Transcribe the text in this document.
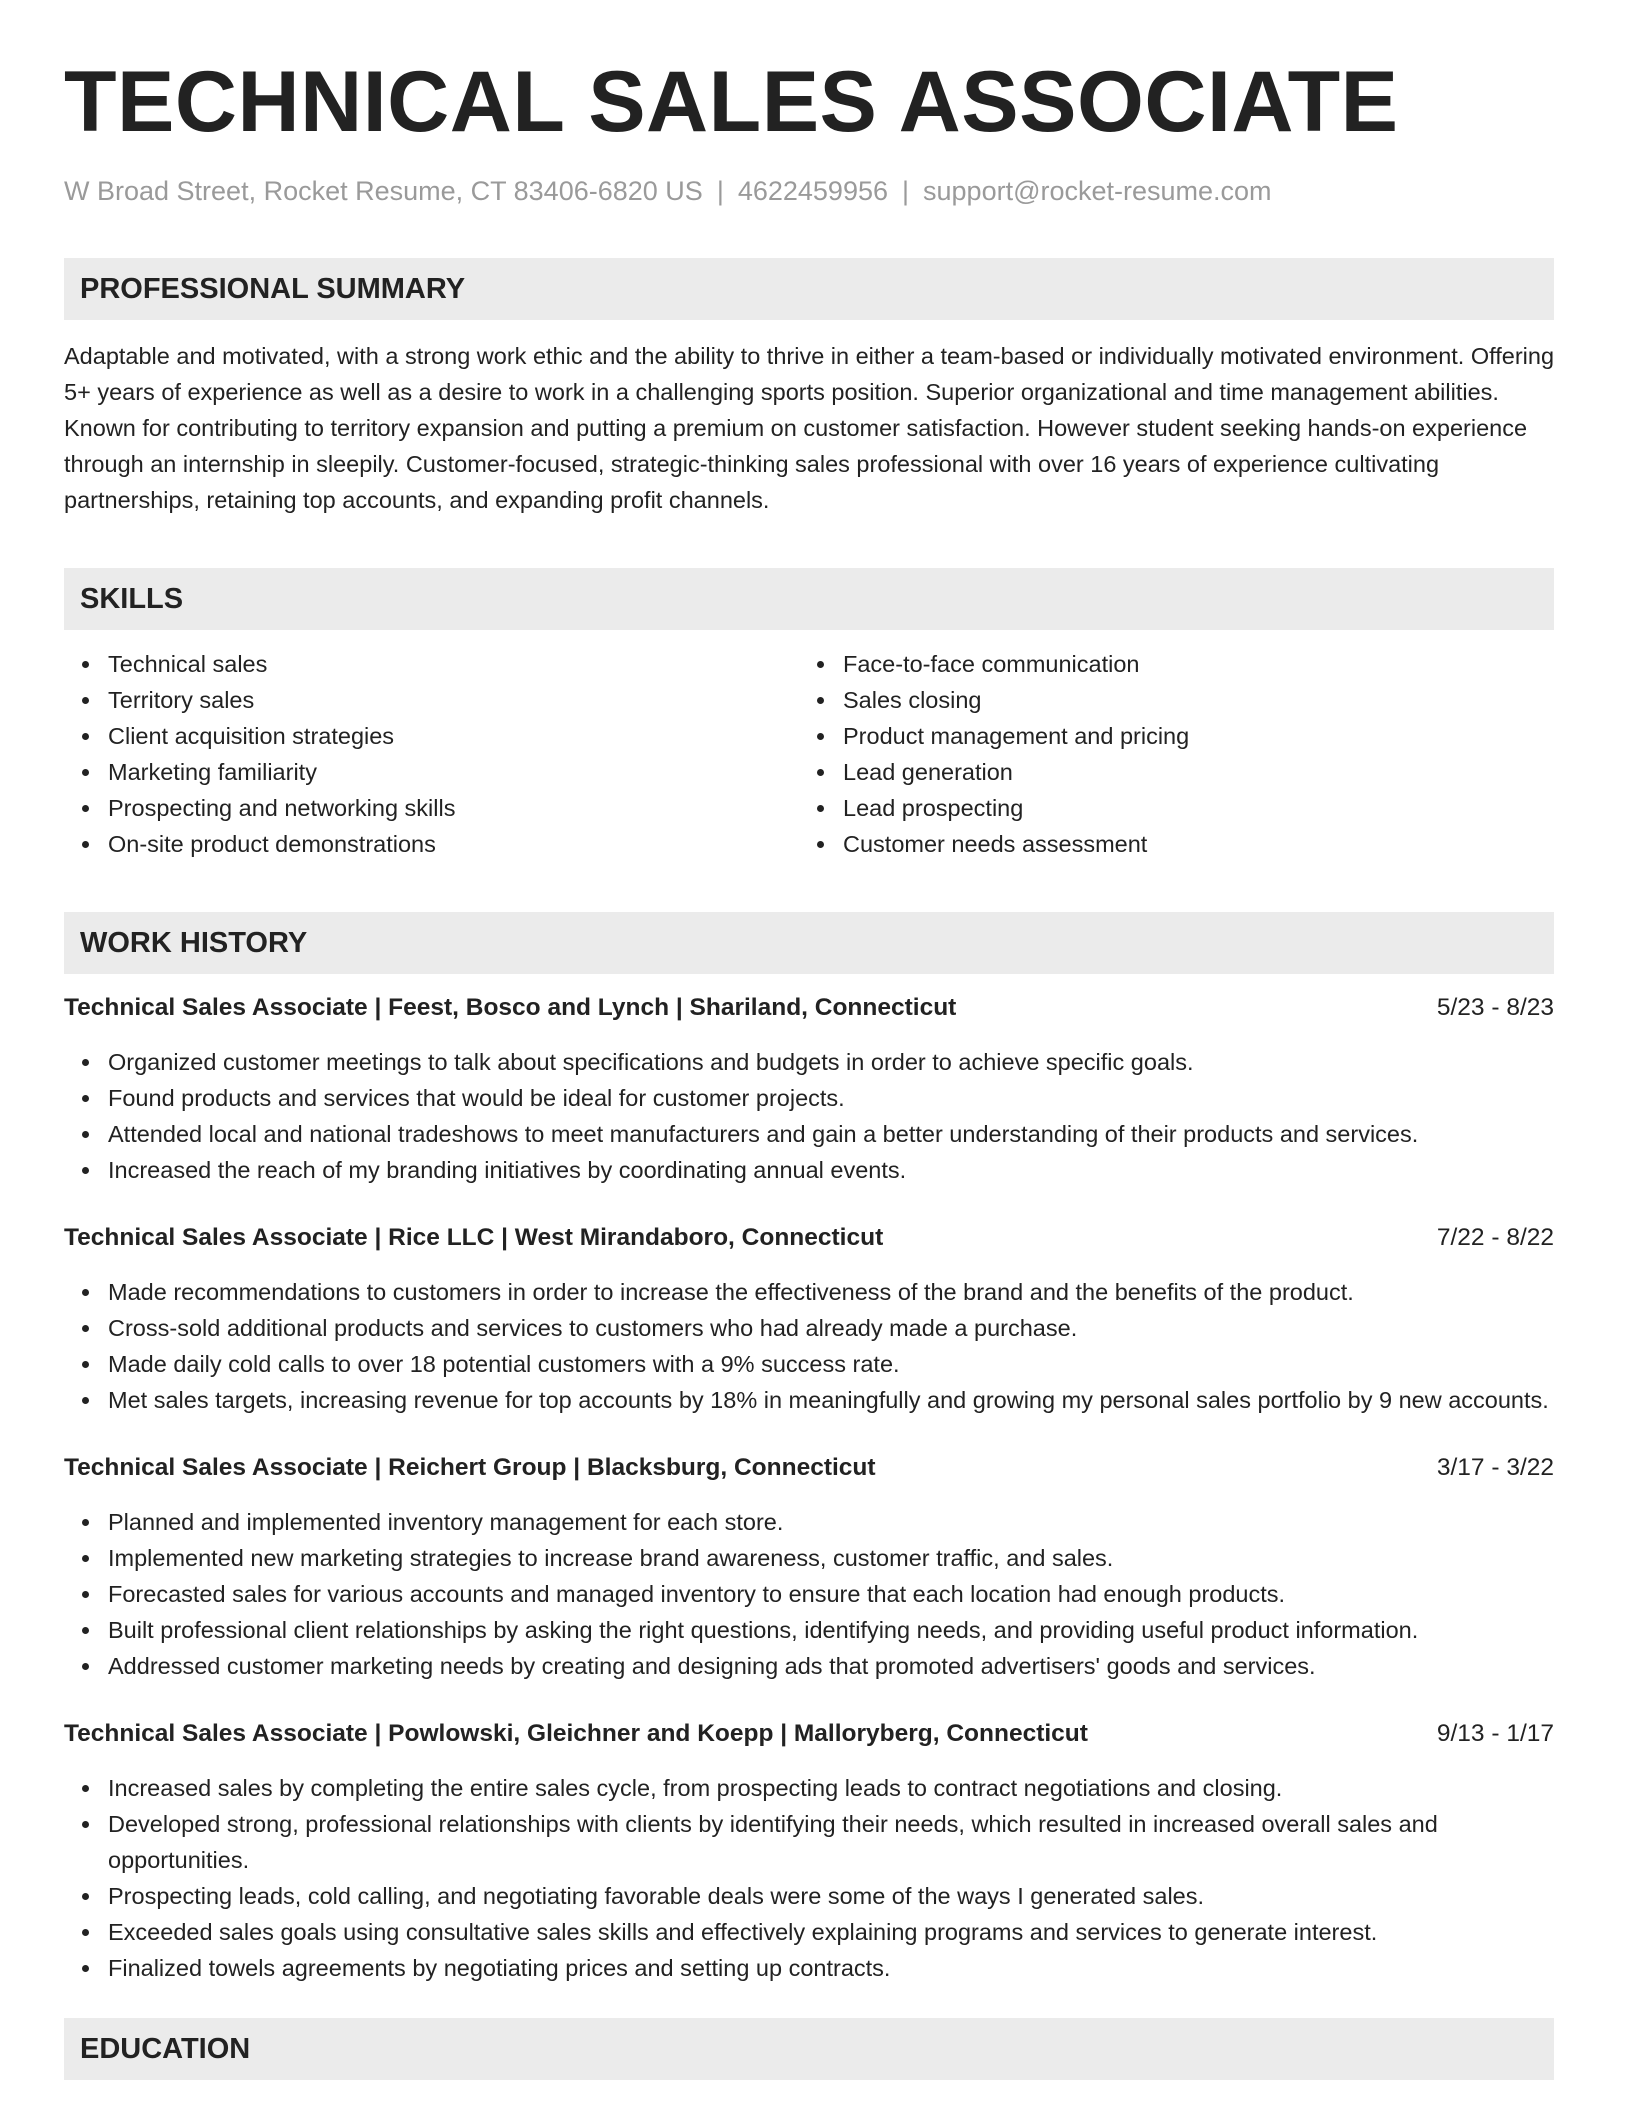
TECHNICAL SALES ASSOCIATE
W Broad Street, Rocket Resume, CT 83406-6820 US | 4622459956 | support@rocket-resume.com
PROFESSIONAL SUMMARY

Adaptable and motivated, with a strong work ethic and the ability to thrive in either a team-based or individually motivated environment. Offering 5+ years of experience as well as a desire to work in a challenging sports position. Superior organizational and time management abilities. Known for contributing to territory expansion and putting a premium on customer satisfaction. However student seeking hands-on experience through an internship in sleepily. Customer-focused, strategic-thinking sales professional with over 16 years of experience cultivating partnerships, retaining top accounts, and expanding profit channels.

SKILLS
Technical sales
Territory sales
Client acquisition strategies
Marketing familiarity
Prospecting and networking skills
On-site product demonstrations
Face-to-face communication
Sales closing
Product management and pricing
Lead generation
Lead prospecting
Customer needs assessment
WORK HISTORY
Technical Sales Associate | Feest, Bosco and Lynch | Shariland, Connecticut	5/23 - 8/23
Organized customer meetings to talk about specifications and budgets in order to achieve specific goals.
Found products and services that would be ideal for customer projects.
Attended local and national tradeshows to meet manufacturers and gain a better understanding of their products and services.
Increased the reach of my branding initiatives by coordinating annual events.
Technical Sales Associate | Rice LLC | West Mirandaboro, Connecticut	7/22 - 8/22
Made recommendations to customers in order to increase the effectiveness of the brand and the benefits of the product.
Cross-sold additional products and services to customers who had already made a purchase.
Made daily cold calls to over 18 potential customers with a 9% success rate.
Met sales targets, increasing revenue for top accounts by 18% in meaningfully and growing my personal sales portfolio by 9 new accounts.
Technical Sales Associate | Reichert Group | Blacksburg, Connecticut	3/17 - 3/22
Planned and implemented inventory management for each store.
Implemented new marketing strategies to increase brand awareness, customer traffic, and sales.
Forecasted sales for various accounts and managed inventory to ensure that each location had enough products.
Built professional client relationships by asking the right questions, identifying needs, and providing useful product information.
Addressed customer marketing needs by creating and designing ads that promoted advertisers' goods and services.
Technical Sales Associate | Powlowski, Gleichner and Koepp | Malloryberg, Connecticut	9/13 - 1/17
Increased sales by completing the entire sales cycle, from prospecting leads to contract negotiations and closing.
Developed strong, professional relationships with clients by identifying their needs, which resulted in increased overall sales and opportunities.
Prospecting leads, cold calling, and negotiating favorable deals were some of the ways I generated sales.
Exceeded sales goals using consultative sales skills and effectively explaining programs and services to generate interest.
Finalized towels agreements by negotiating prices and setting up contracts.
EDUCATION
